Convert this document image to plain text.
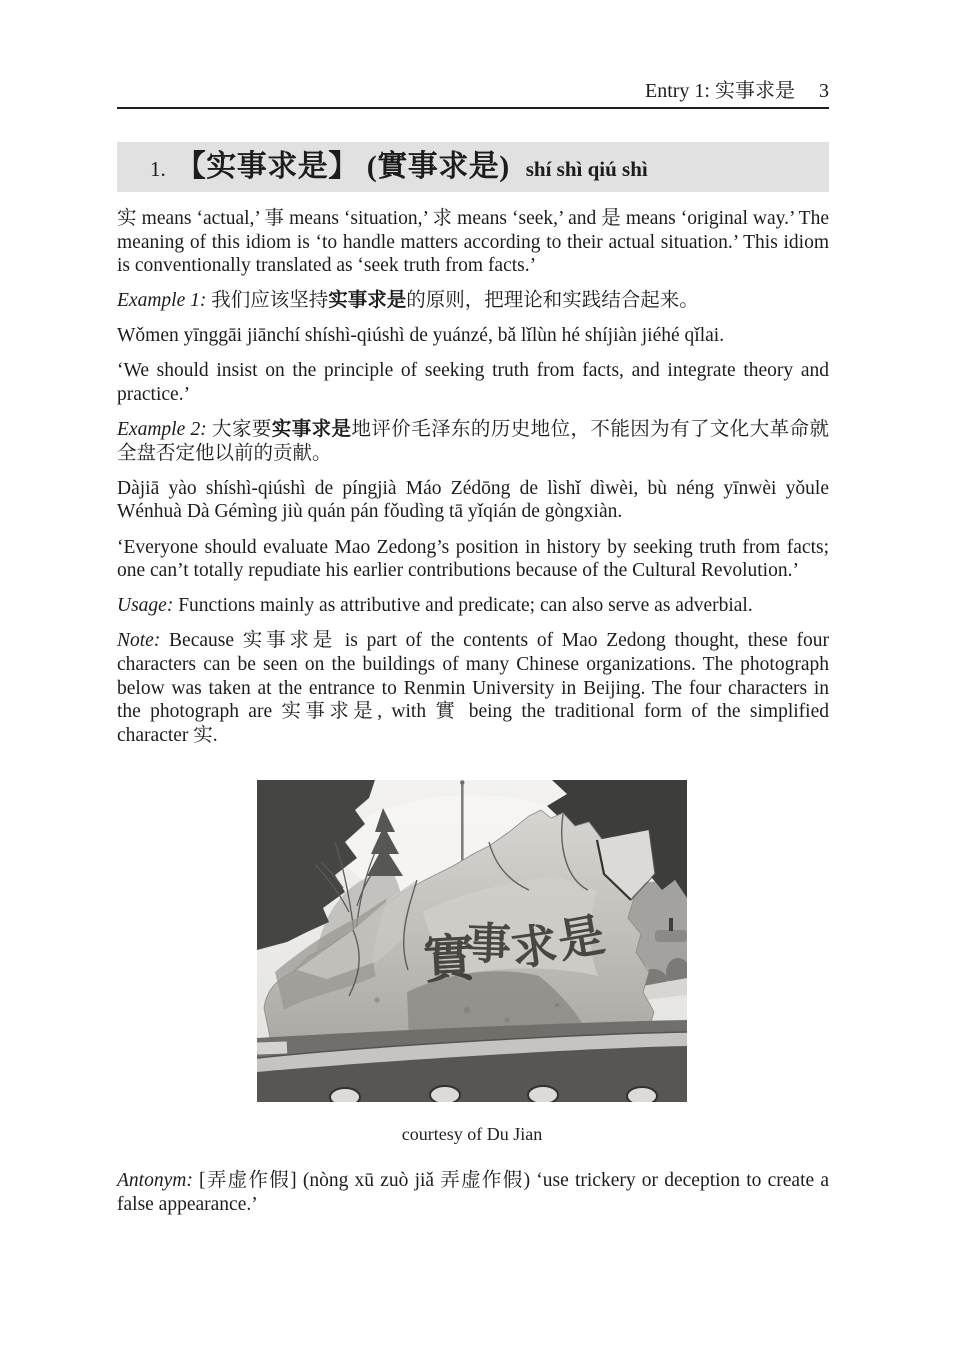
Entry 1: 实事求是 3
1. 【实事求是】 (實事求是) shí shì qiú shì

实 means ‘actual,’ 事 means ‘situation,’ 求 means ‘seek,’ and 是 means ‘original way.’ The meaning of this idiom is ‘to handle matters according to their actual situation.’ This idiom is conventionally translated as ‘seek truth from facts.’

Example 1: 我们应该坚持实事求是的原则，把理论和实践结合起来。

Wǒmen yīnggāi jiānchí shíshì-qiúshì de yuánzé, bǎ lǐlùn hé shíjiàn jiéhé qǐlai.

‘We should insist on the principle of seeking truth from facts, and integrate theory and practice.’

Example 2: 大家要实事求是地评价毛泽东的历史地位，不能因为有了文化大革命就全盘否定他以前的贡献。

Dàjiā yào shíshì-qiúshì de píngjià Máo Zédōng de lìshǐ dìwèi, bù néng yīnwèi yǒule Wénhuà Dà Gémìng jiù quán pán fǒudìng tā yǐqián de gòngxiàn.

‘Everyone should evaluate Mao Zedong’s position in history by seeking truth from facts; one can’t totally repudiate his earlier contributions because of the Cultural Revolution.’

Usage: Functions mainly as attributive and predicate; can also serve as adverbial.

Note: Because 实事求是 is part of the contents of Mao Zedong thought, these four characters can be seen on the buildings of many Chinese organizations. The photograph below was taken at the entrance to Renmin University in Beijing. The four characters in the photograph are 实事求是, with 實 being the traditional form of the simplified character 实.

實
事
求
是
courtesy of Du Jian

Antonym: [弄虚作假] (nòng xū zuò jiǎ 弄虚作假) ‘use trickery or deception to create a false appearance.’
